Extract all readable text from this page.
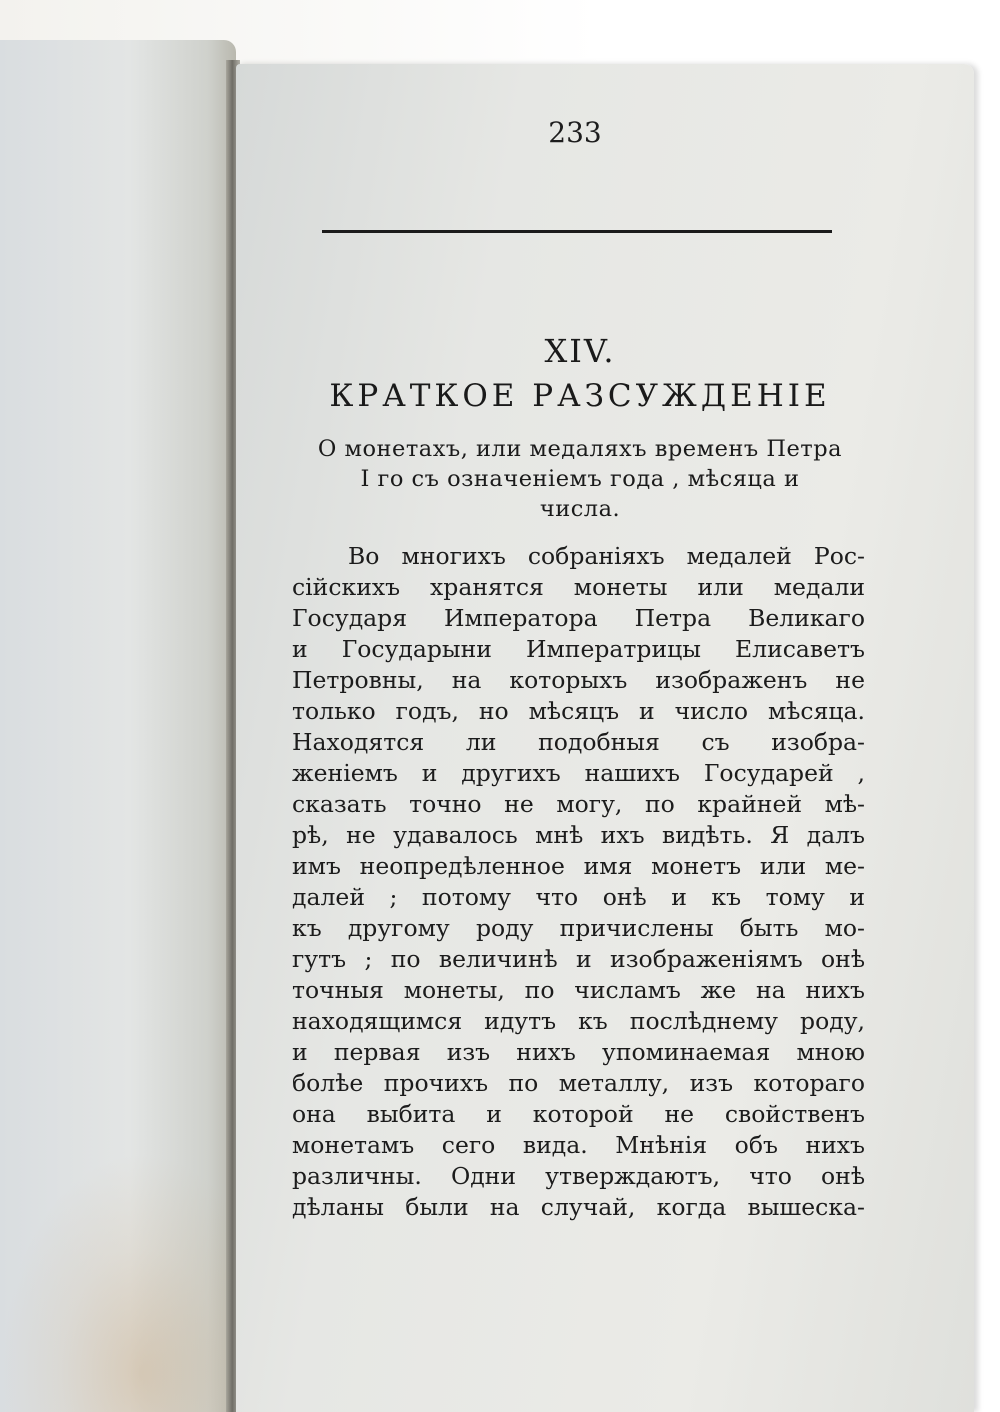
233
XIV.
КРАТКОЕ РАЗСУЖДЕНІЕ
О монетахъ, или медаляхъ временъ Петра
I го съ означеніемъ года , мѣсяца и
числа.
Во многихъ собраніяхъ медалей Рос-
сійскихъ хранятся монеты или медали
Государя Императора Петра Великаго
и Государыни Императрицы Елисаветъ
Петровны, на которыхъ изображенъ не
только годъ, но мѣсяцъ и число мѣсяца.
Находятся ли подобныя съ изобра-
женіемъ и другихъ нашихъ Государей ,
сказать точно не могу, по крайней мѣ-
рѣ, не удавалось мнѣ ихъ видѣть. Я далъ
имъ неопредѣленное имя монетъ или ме-
далей ; потому что онѣ и къ тому и
къ другому роду причислены быть мо-
гутъ ; по величинѣ и изображеніямъ онѣ
точныя монеты, по числамъ же на нихъ
находящимся идутъ къ послѣднему роду,
и первая изъ нихъ упоминаемая мною
болѣе прочихъ по металлу, изъ котораго
она выбита и которой не свойственъ
монетамъ сего вида. Мнѣнія объ нихъ
различны. Одни утверждаютъ, что онѣ
дѣланы были на случай, когда вышеска-
